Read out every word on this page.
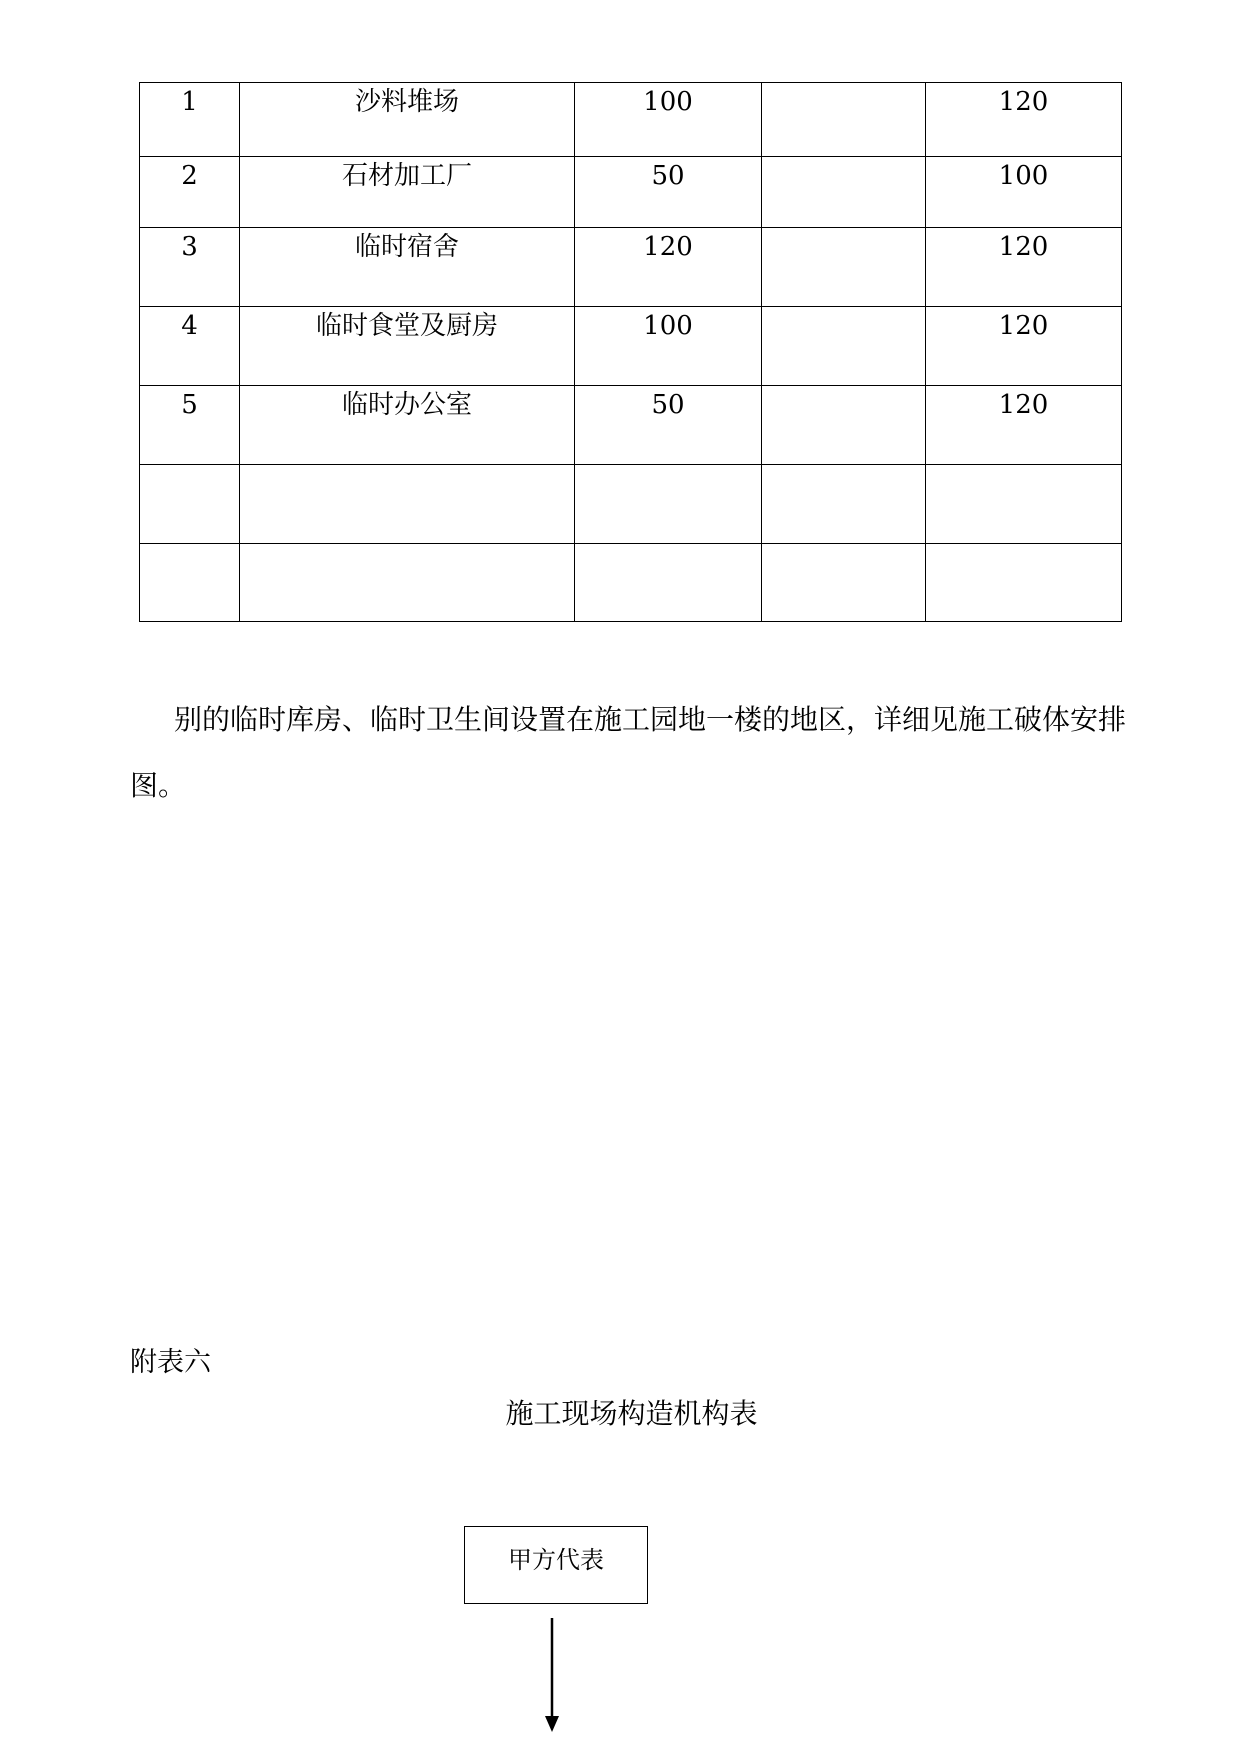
1	沙料堆场	100		120
2	石材加工厂	50		100
3	临时宿舍	120		120
4	临时食堂及厨房	100		120
5	临时办公室	50		120

别的临时库房、临时卫生间设置在施工园地一楼的地区，详细见施工破体安排图。

附表六
施工现场构造机构表
甲方代表
